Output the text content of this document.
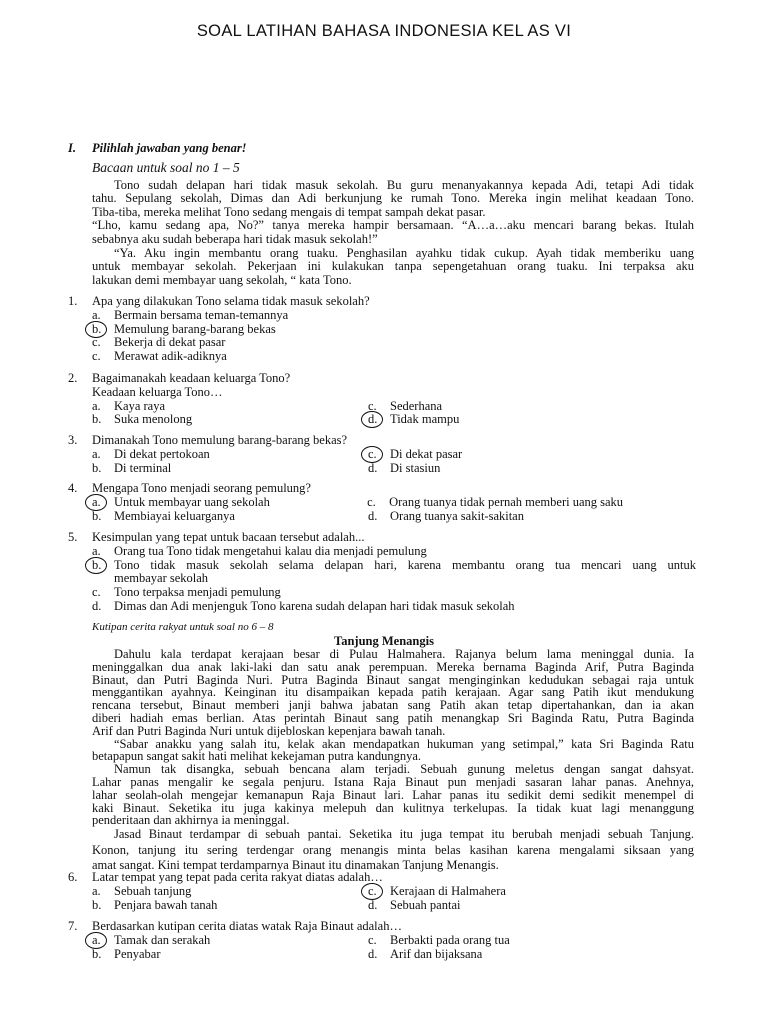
SOAL LATIHAN BAHASA INDONESIA KEL AS VI
I. Pilihlah jawaban yang benar!
Bacaan untuk soal no 1 – 5

Tono sudah delapan hari tidak masuk sekolah. Bu guru menanyakannya kepada Adi, tetapi Adi tidak

tahu. Sepulang sekolah, Dimas dan Adi berkunjung ke rumah Tono. Mereka ingin melihat keadaan Tono.

Tiba-tiba, mereka melihat Tono sedang mengais di tempat sampah dekat pasar.

“Lho, kamu sedang apa, No?” tanya mereka hampir bersamaan. “A…a…aku mencari barang bekas. Itulah

sebabnya aku sudah beberapa hari tidak masuk sekolah!”

“Ya. Aku ingin membantu orang tuaku. Penghasilan ayahku tidak cukup. Ayah tidak memberiku uang

untuk membayar sekolah. Pekerjaan ini kulakukan tanpa sepengetahuan orang tuaku. Ini terpaksa aku

lakukan demi membayar uang sekolah, “ kata Tono.

1.	Apa yang dilakukan Tono selama tidak masuk sekolah?
a.	Bermain bersama teman-temannya
b.	Memulung barang-barang bekas
c.	Bekerja di dekat pasar
c.	Merawat adik-adiknya
2.	Bagaimanakah keadaan keluarga Tono?
Keadaan keluarga Tono…
a.	Kaya raya	c.	Sederhana
b.	Suka menolong	d.	Tidak mampu
3.	Dimanakah Tono memulung barang-barang bekas?
a.	Di dekat pertokoan	c.	Di dekat pasar
b.	Di terminal	d.	Di stasiun
4.	Mengapa Tono menjadi seorang pemulung?
a.	Untuk membayar uang sekolah	c.	Orang tuanya tidak pernah memberi uang saku
b.	Membiayai keluarganya	d.	Orang tuanya sakit-sakitan
5.	Kesimpulan yang tepat untuk bacaan tersebut adalah...
a.	Orang tua Tono tidak mengetahui kalau dia menjadi pemulung
b.	Tono tidak masuk sekolah selama delapan hari, karena membantu orang tua mencari uang untuk
membayar sekolah
c.	Tono terpaksa menjadi pemulung
d.	Dimas dan Adi menjenguk Tono karena sudah delapan hari tidak masuk sekolah
Kutipan cerita rakyat untuk soal no 6 – 8
Tanjung Menangis

Dahulu kala terdapat kerajaan besar di Pulau Halmahera. Rajanya belum lama meninggal dunia. Ia

meninggalkan dua anak laki-laki dan satu anak perempuan. Mereka bernama Baginda Arif, Putra Baginda

Binaut, dan Putri Baginda Nuri. Putra Baginda Binaut sangat menginginkan kedudukan sebagai raja untuk

menggantikan ayahnya. Keinginan itu disampaikan kepada patih kerajaan. Agar sang Patih ikut mendukung

rencana tersebut, Binaut memberi janji bahwa jabatan sang Patih akan tetap dipertahankan, dan ia akan

diberi hadiah emas berlian. Atas perintah Binaut sang patih menangkap Sri Baginda Ratu, Putra Baginda

Arif dan Putri Baginda Nuri untuk dijebloskan kepenjara bawah tanah.

“Sabar anakku yang salah itu, kelak akan mendapatkan hukuman yang setimpal,” kata Sri Baginda Ratu

betapapun sangat sakit hati melihat kekejaman putra kandungnya.

Namun tak disangka, sebuah bencana alam terjadi. Sebuah gunung meletus dengan sangat dahsyat.

Lahar panas mengalir ke segala penjuru. Istana Raja Binaut pun menjadi sasaran lahar panas. Anehnya,

lahar seolah-olah mengejar kemanapun Raja Binaut lari. Lahar panas itu sedikit demi sedikit menempel di

kaki Binaut. Seketika itu juga kakinya melepuh dan kulitnya terkelupas. Ia tidak kuat lagi menanggung

penderitaan dan akhirnya ia meninggal.

Jasad Binaut terdampar di sebuah pantai. Seketika itu juga tempat itu berubah menjadi sebuah Tanjung.

Konon, tanjung itu sering terdengar orang menangis minta belas kasihan karena mengalami siksaan yang

amat sangat. Kini tempat terdamparnya Binaut itu dinamakan Tanjung Menangis.

6.	Latar tempat yang tepat pada cerita rakyat diatas adalah…
a.	Sebuah tanjung	c.	Kerajaan di Halmahera
b.	Penjara bawah tanah	d.	Sebuah pantai
7.	Berdasarkan kutipan cerita diatas watak Raja Binaut adalah…
a.	Tamak dan serakah	c.	Berbakti pada orang tua
b.	Penyabar	d.	Arif dan bijaksana
